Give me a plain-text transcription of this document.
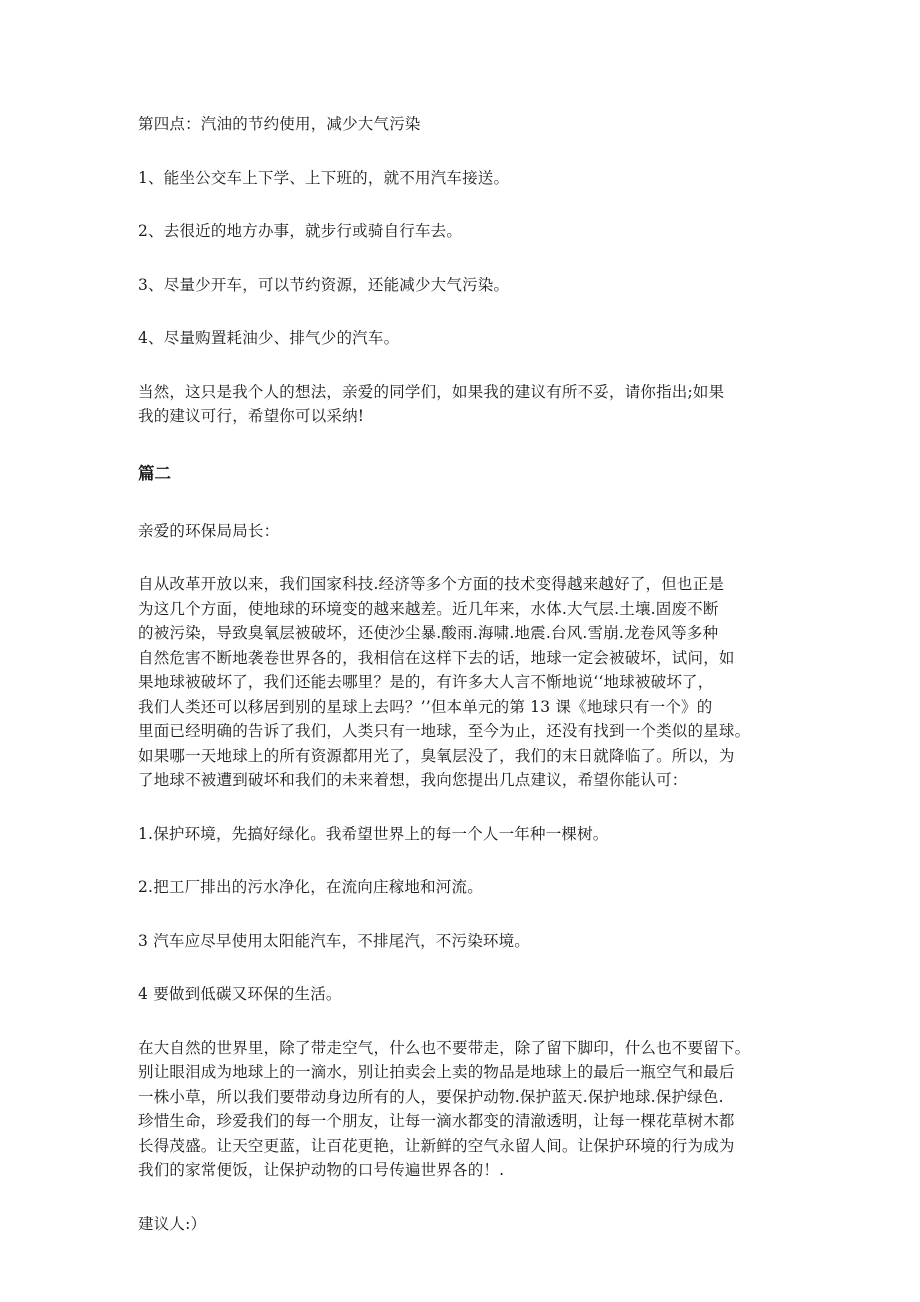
第四点：汽油的节约使用，减少大气污染

1、能坐公交车上下学、上下班的，就不用汽车接送。

2、去很近的地方办事，就步行或骑自行车去。

3、尽量少开车，可以节约资源，还能减少大气污染。

4、尽量购置耗油少、排气少的汽车。

当然，这只是我个人的想法，亲爱的同学们，如果我的建议有所不妥，请你指出;如果
我的建议可行，希望你可以采纳!

篇二

亲爱的环保局局长：

自从改革开放以来，我们国家科技.经济等多个方面的技术变得越来越好了，但也正是
为这几个方面，使地球的环境变的越来越差。近几年来，水体.大气层.土壤.固废不断
的被污染，导致臭氧层被破坏，还使沙尘暴.酸雨.海啸.地震.台风.雪崩.龙卷风等多种
自然危害不断地袭卷世界各的，我相信在这样下去的话，地球一定会被破坏，试问，如
果地球被破坏了，我们还能去哪里？是的，有许多大人言不惭地说‘‘地球被破坏了，
我们人类还可以移居到别的星球上去吗？’’但本单元的第 13 课《地球只有一个》的
里面已经明确的告诉了我们，人类只有一地球，至今为止，还没有找到一个类似的星球。
如果哪一天地球上的所有资源都用光了，臭氧层没了，我们的末日就降临了。所以，为
了地球不被遭到破坏和我们的未来着想，我向您提出几点建议，希望你能认可：

1.保护环境，先搞好绿化。我希望世界上的每一个人一年种一棵树。

2.把工厂排出的污水净化，在流向庄稼地和河流。

3 汽车应尽早使用太阳能汽车，不排尾汽，不污染环境。

4 要做到低碳又环保的生活。

在大自然的世界里，除了带走空气，什么也不要带走，除了留下脚印，什么也不要留下。
别让眼泪成为地球上的一滴水，别让拍卖会上卖的物品是地球上的最后一瓶空气和最后
一株小草，所以我们要带动身边所有的人，要保护动物.保护蓝天.保护地球.保护绿色.
珍惜生命，珍爱我们的每一个朋友，让每一滴水都变的清澈透明，让每一棵花草树木都
长得茂盛。让天空更蓝，让百花更艳，让新鲜的空气永留人间。让保护环境的行为成为
我们的家常便饭，让保护动物的口号传遍世界各的！.

建议人:）
